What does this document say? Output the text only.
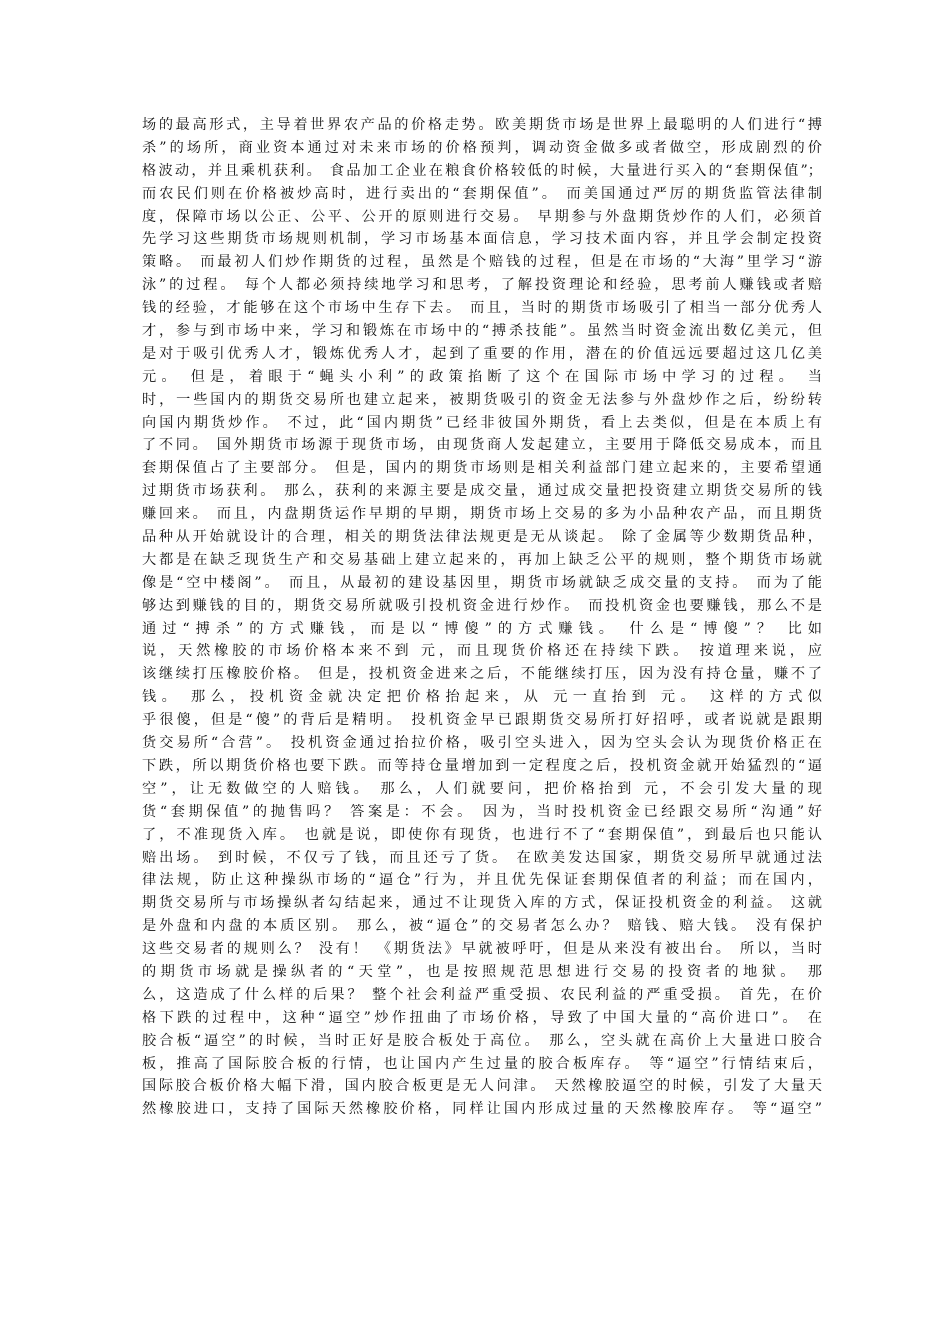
场的最高形式，主导着世界农产品的价格走势。欧美期货市场是世界上最聪明的人们进行“搏
杀”的场所，商业资本通过对未来市场的价格预判，调动资金做多或者做空，形成剧烈的价
格波动，并且乘机获利。 食品加工企业在粮食价格较低的时候，大量进行买入的“套期保值”；
而农民们则在价格被炒高时，进行卖出的“套期保值”。 而美国通过严厉的期货监管法律制
度，保障市场以公正、公平、公开的原则进行交易。 早期参与外盘期货炒作的人们，必须首
先学习这些期货市场规则机制，学习市场基本面信息，学习技术面内容，并且学会制定投资
策略。 而最初人们炒作期货的过程，虽然是个赔钱的过程，但是在市场的“大海”里学习“游
泳”的过程。 每个人都必须持续地学习和思考，了解投资理论和经验，思考前人赚钱或者赔
钱的经验，才能够在这个市场中生存下去。 而且，当时的期货市场吸引了相当一部分优秀人
才，参与到市场中来，学习和锻炼在市场中的“搏杀技能”。虽然当时资金流出数亿美元，但
是对于吸引优秀人才，锻炼优秀人才，起到了重要的作用，潜在的价值远远要超过这几亿美
元。 但是，着眼于“蝇头小利”的政策掐断了这个在国际市场中学习的过程。 当
时，一些国内的期货交易所也建立起来，被期货吸引的资金无法参与外盘炒作之后，纷纷转
向国内期货炒作。 不过，此“国内期货”已经非彼国外期货，看上去类似，但是在本质上有
了不同。 国外期货市场源于现货市场，由现货商人发起建立，主要用于降低交易成本，而且
套期保值占了主要部分。 但是，国内的期货市场则是相关利益部门建立起来的，主要希望通
过期货市场获利。 那么，获利的来源主要是成交量，通过成交量把投资建立期货交易所的钱
赚回来。 而且，内盘期货运作早期的早期，期货市场上交易的多为小品种农产品，而且期货
品种从开始就设计的合理，相关的期货法律法规更是无从谈起。 除了金属等少数期货品种，
大都是在缺乏现货生产和交易基础上建立起来的，再加上缺乏公平的规则，整个期货市场就
像是“空中楼阁”。 而且，从最初的建设基因里，期货市场就缺乏成交量的支持。 而为了能
够达到赚钱的目的，期货交易所就吸引投机资金进行炒作。 而投机资金也要赚钱，那么不是
通过“搏杀”的方式赚钱，而是以“博傻”的方式赚钱。 什么是“博傻”？ 比如
说，天然橡胶的市场价格本来不到 元，而且现货价格还在持续下跌。 按道理来说，应
该继续打压橡胶价格。 但是，投机资金进来之后，不能继续打压，因为没有持仓量，赚不了
钱。 那么，投机资金就决定把价格抬起来，从 元一直抬到 元。 这样的方式似
乎很傻，但是“傻”的背后是精明。 投机资金早已跟期货交易所打好招呼，或者说就是跟期
货交易所“合营”。 投机资金通过抬拉价格，吸引空头进入，因为空头会认为现货价格正在
下跌，所以期货价格也要下跌。而等持仓量增加到一定程度之后，投机资金就开始猛烈的“逼
空”，让无数做空的人赔钱。 那么，人们就要问，把价格抬到 元，不会引发大量的现
货“套期保值”的抛售吗？ 答案是：不会。 因为，当时投机资金已经跟交易所“沟通”好
了，不准现货入库。 也就是说，即使你有现货，也进行不了“套期保值”，到最后也只能认
赔出场。 到时候，不仅亏了钱，而且还亏了货。 在欧美发达国家，期货交易所早就通过法
律法规，防止这种操纵市场的“逼仓”行为，并且优先保证套期保值者的利益；而在国内，
期货交易所与市场操纵者勾结起来，通过不让现货入库的方式，保证投机资金的利益。 这就
是外盘和内盘的本质区别。 那么，被“逼仓”的交易者怎么办？ 赔钱、赔大钱。 没有保护
这些交易者的规则么？ 没有！ 《期货法》早就被呼吁，但是从来没有被出台。 所以，当时
的期货市场就是操纵者的“天堂”，也是按照规范思想进行交易的投资者的地狱。 那
么，这造成了什么样的后果？ 整个社会利益严重受损、农民利益的严重受损。 首先，在价
格下跌的过程中，这种“逼空”炒作扭曲了市场价格，导致了中国大量的“高价进口”。 在
胶合板“逼空”的时候，当时正好是胶合板处于高位。 那么，空头就在高价上大量进口胶合
板，推高了国际胶合板的行情，也让国内产生过量的胶合板库存。 等“逼空”行情结束后，
国际胶合板价格大幅下滑，国内胶合板更是无人问津。 天然橡胶逼空的时候，引发了大量天
然橡胶进口，支持了国际天然橡胶价格，同样让国内形成过量的天然橡胶库存。 等“逼空”
